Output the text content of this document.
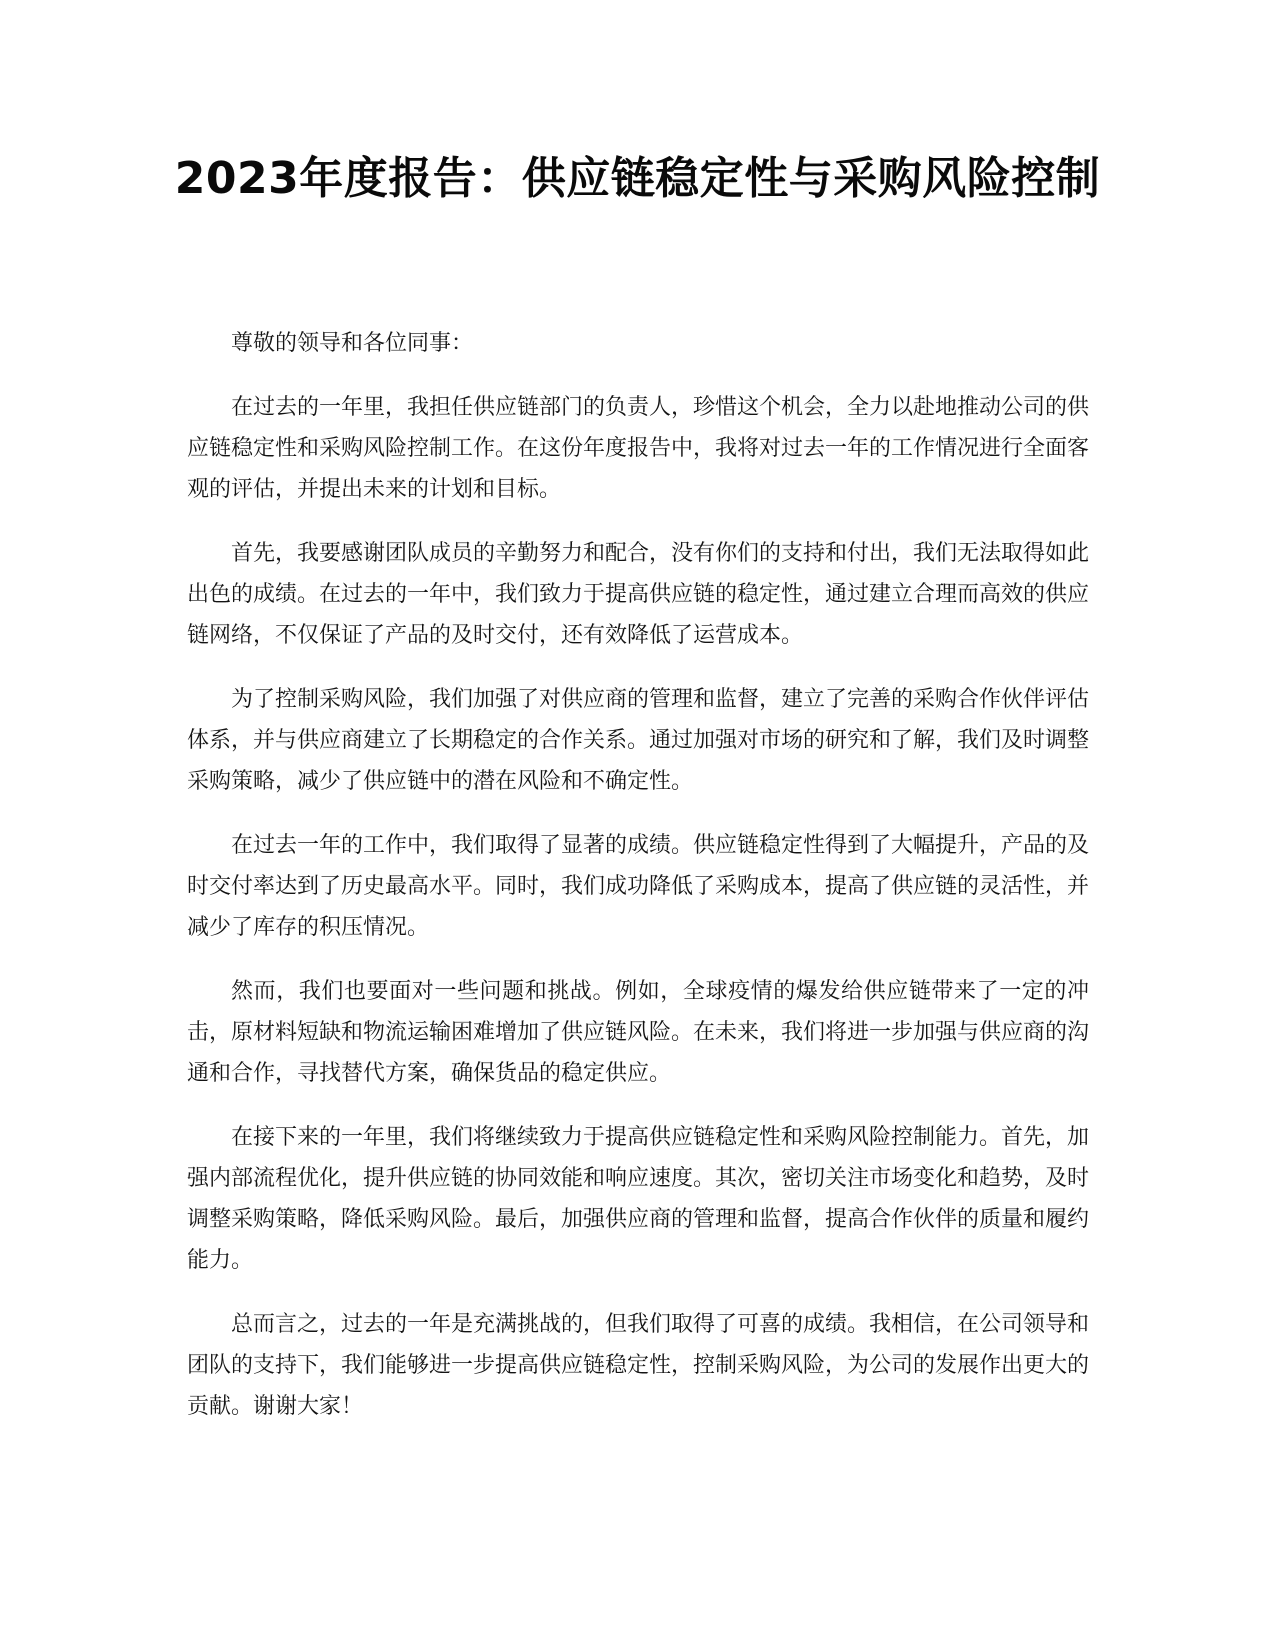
2023年度报告：供应链稳定性与采购风险控制

尊敬的领导和各位同事：

在过去的一年里，我担任供应链部门的负责人，珍惜这个机会，全力以赴地推动公司的供应链稳定性和采购风险控制工作。在这份年度报告中，我将对过去一年的工作情况进行全面客观的评估，并提出未来的计划和目标。

首先，我要感谢团队成员的辛勤努力和配合，没有你们的支持和付出，我们无法取得如此出色的成绩。在过去的一年中，我们致力于提高供应链的稳定性，通过建立合理而高效的供应链网络，不仅保证了产品的及时交付，还有效降低了运营成本。

为了控制采购风险，我们加强了对供应商的管理和监督，建立了完善的采购合作伙伴评估体系，并与供应商建立了长期稳定的合作关系。通过加强对市场的研究和了解，我们及时调整采购策略，减少了供应链中的潜在风险和不确定性。

在过去一年的工作中，我们取得了显著的成绩。供应链稳定性得到了大幅提升，产品的及时交付率达到了历史最高水平。同时，我们成功降低了采购成本，提高了供应链的灵活性，并减少了库存的积压情况。

然而，我们也要面对一些问题和挑战。例如，全球疫情的爆发给供应链带来了一定的冲击，原材料短缺和物流运输困难增加了供应链风险。在未来，我们将进一步加强与供应商的沟通和合作，寻找替代方案，确保货品的稳定供应。

在接下来的一年里，我们将继续致力于提高供应链稳定性和采购风险控制能力。首先，加强内部流程优化，提升供应链的协同效能和响应速度。其次，密切关注市场变化和趋势，及时调整采购策略，降低采购风险。最后，加强供应商的管理和监督，提高合作伙伴的质量和履约能力。

总而言之，过去的一年是充满挑战的，但我们取得了可喜的成绩。我相信，在公司领导和团队的支持下，我们能够进一步提高供应链稳定性，控制采购风险，为公司的发展作出更大的贡献。谢谢大家！
